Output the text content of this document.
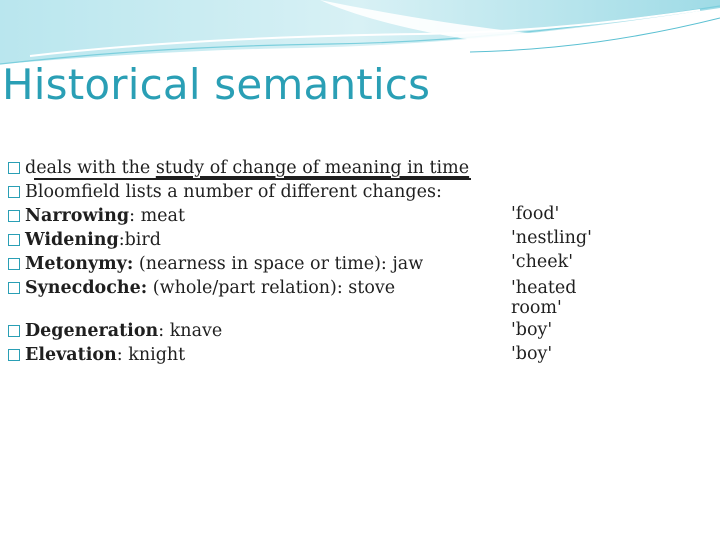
Historical semantics
deals with the study of change of meaning in time
Bloomfield lists a number of different changes:
Narrowing: meat
Widening:bird
Metonymy: (nearness in space or time): jaw
Synecdoche: (whole/part relation): stove
Degeneration: knave
Elevation: knight
'food'
'nestling'
'cheek'
'heated
room'
'boy'
'boy'
